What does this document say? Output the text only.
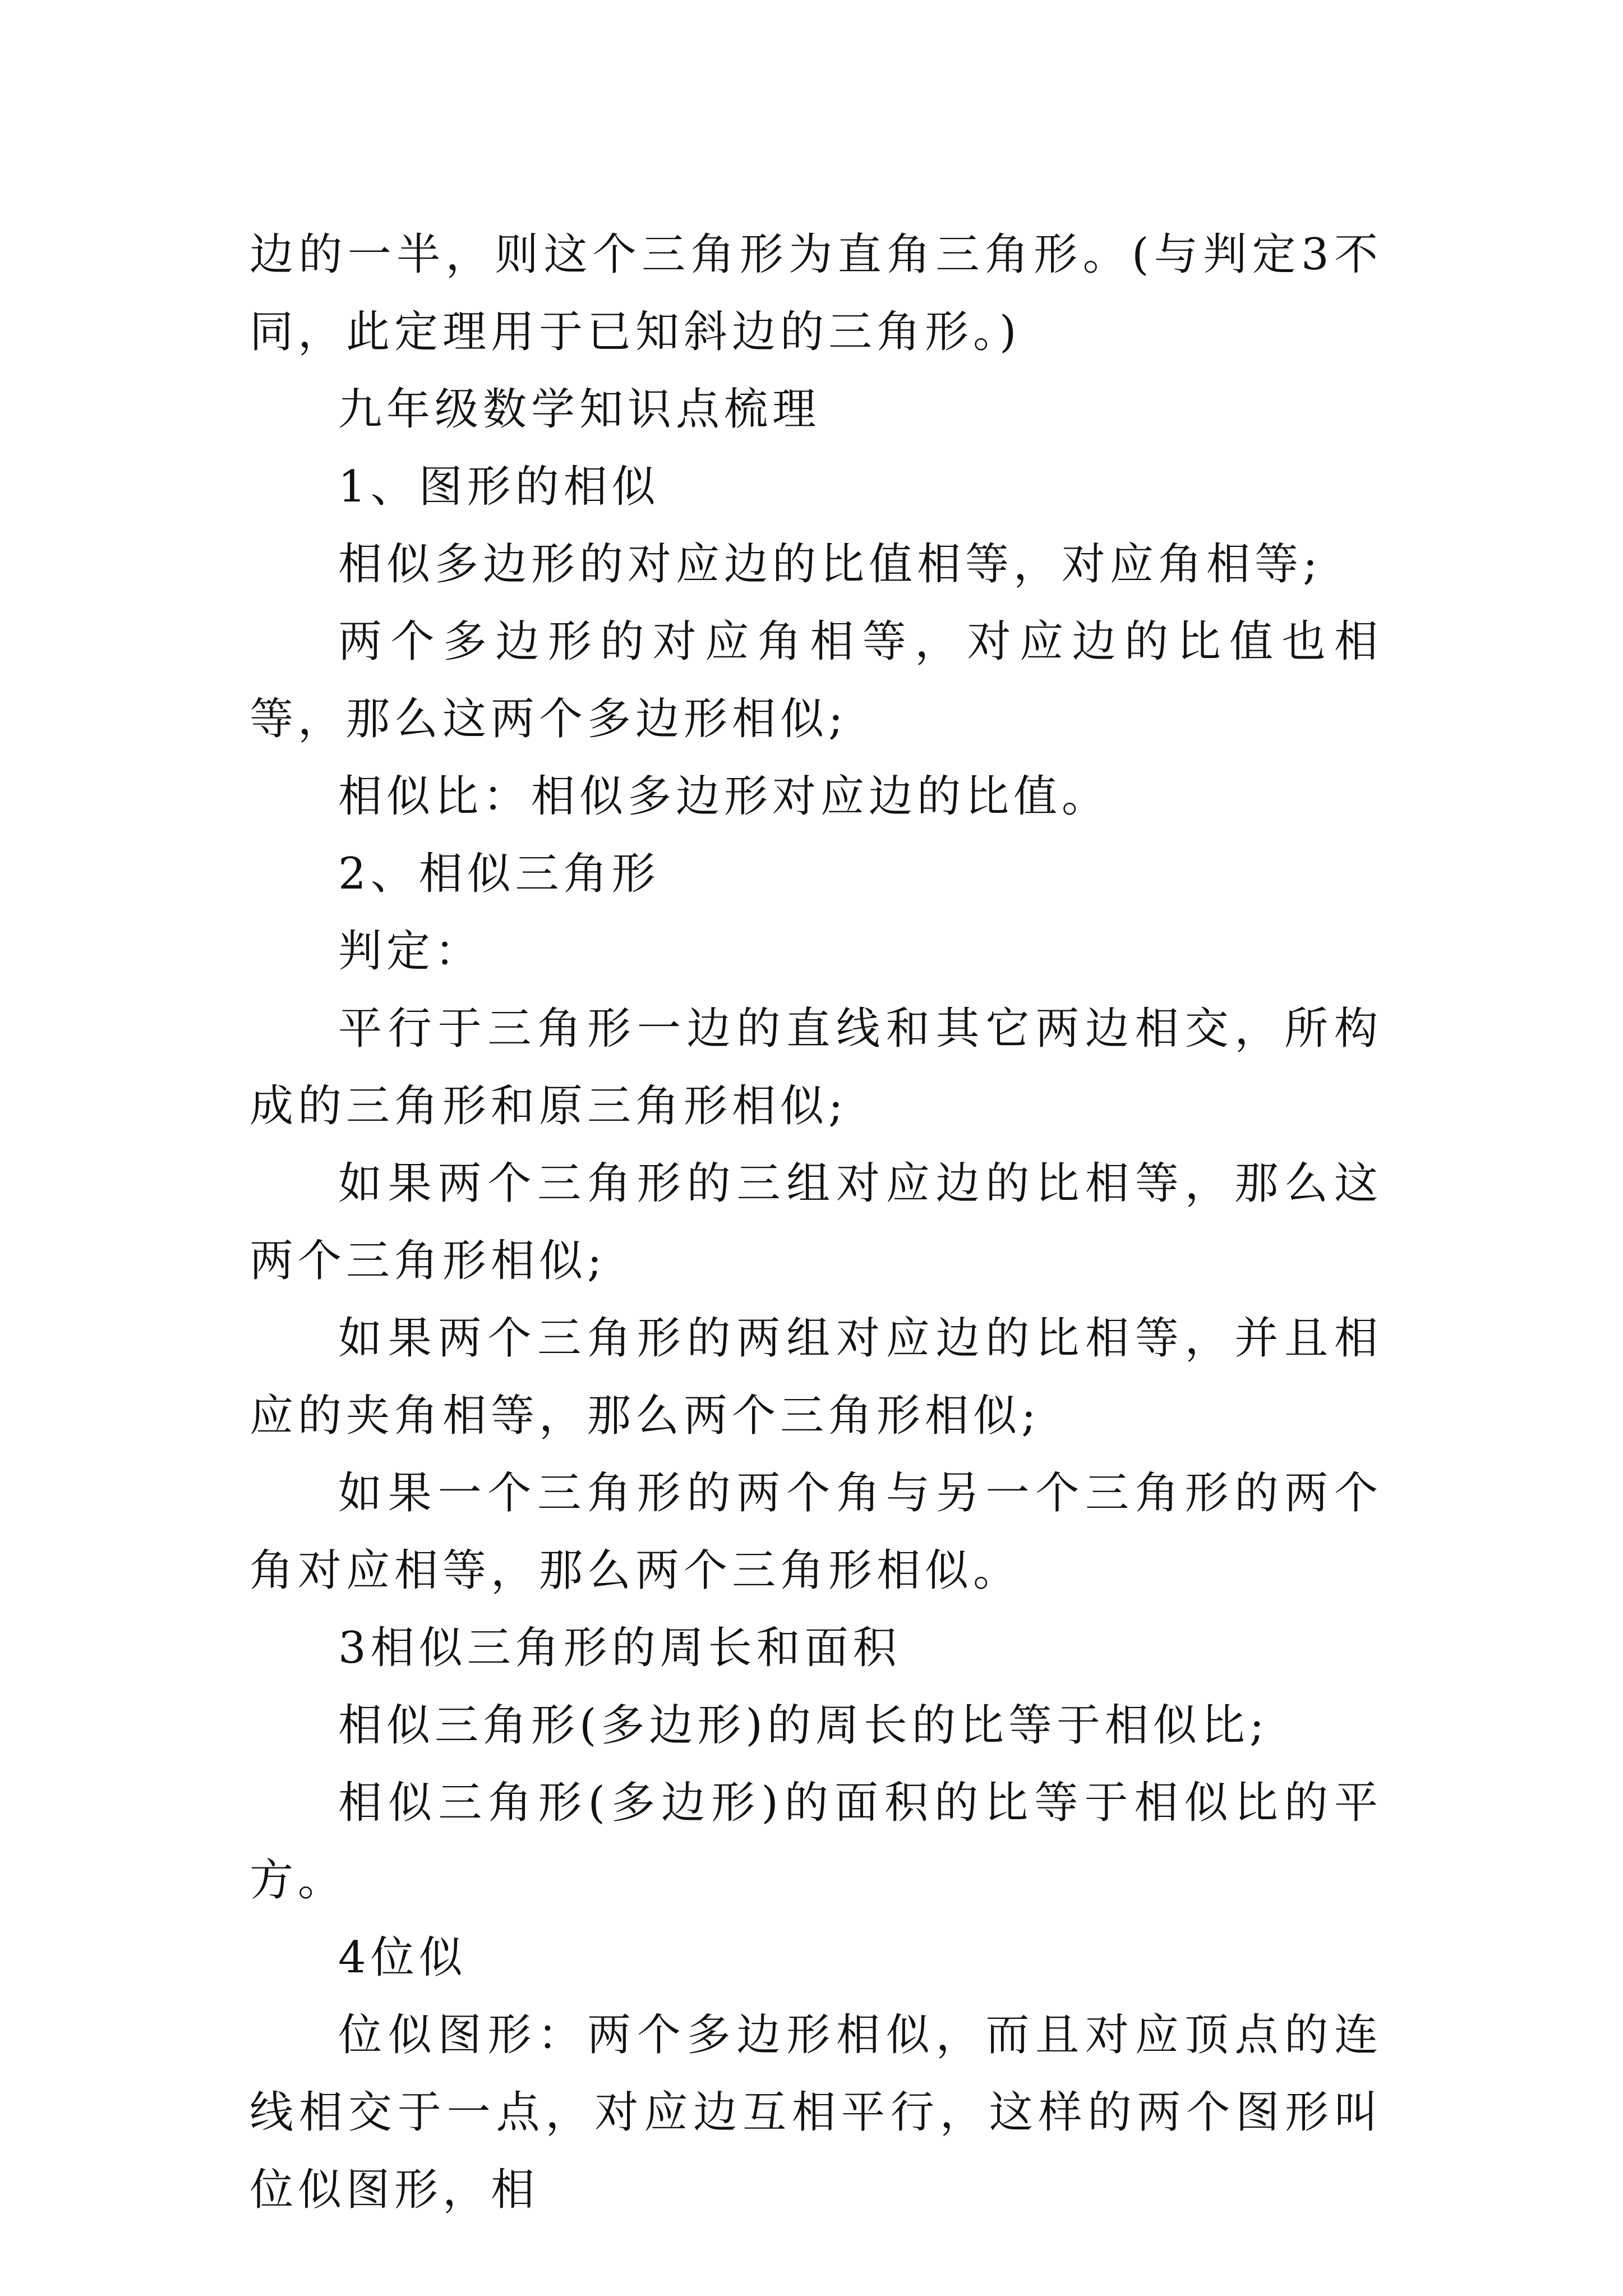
边的一半，则这个三角形为直角三角形。(与判定3不同，此定理用于已知斜边的三角形。)

九年级数学知识点梳理

1、图形的相似

相似多边形的对应边的比值相等，对应角相等;

两个多边形的对应角相等，对应边的比值也相等，那么这两个多边形相似;

相似比：相似多边形对应边的比值。

2、相似三角形

判定：

平行于三角形一边的直线和其它两边相交，所构成的三角形和原三角形相似;

如果两个三角形的三组对应边的比相等，那么这两个三角形相似;

如果两个三角形的两组对应边的比相等，并且相应的夹角相等，那么两个三角形相似;

如果一个三角形的两个角与另一个三角形的两个角对应相等，那么两个三角形相似。

3相似三角形的周长和面积

相似三角形(多边形)的周长的比等于相似比;

相似三角形(多边形)的面积的比等于相似比的平方。

4位似

位似图形：两个多边形相似，而且对应顶点的连线相交于一点，对应边互相平行，这样的两个图形叫位似图形，相
